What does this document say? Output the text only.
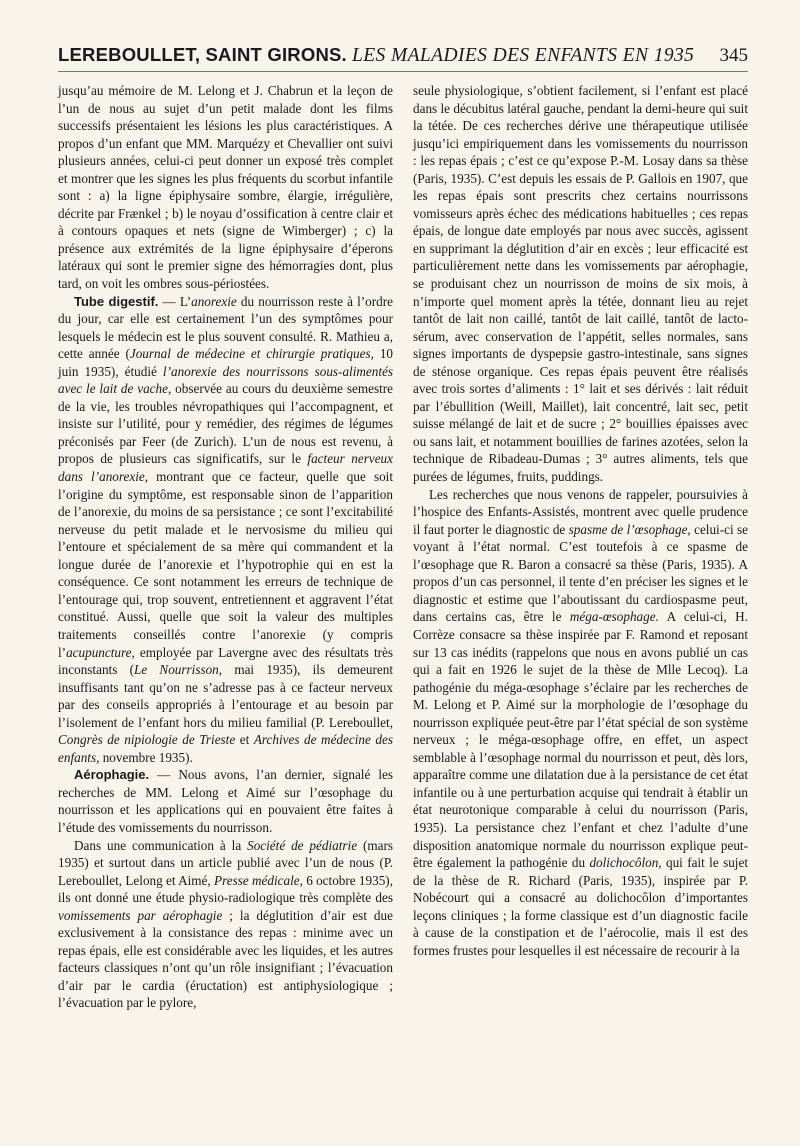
LEREBOULLET, SAINT GIRONS. LES MALADIES DES ENFANTS EN 1935 345

jusqu’au mémoire de M. Lelong et J. Chabrun et la leçon de l’un de nous au sujet d’un petit malade dont les films successifs présentaient les lésions les plus caractéristiques. A propos d’un enfant que MM. Marquézy et Chevallier ont suivi plusieurs années, celui-ci peut donner un exposé très complet et montrer que les signes les plus fréquents du scorbut infantile sont : a) la ligne épiphysaire sombre, élargie, irrégulière, décrite par Frænkel ; b) le noyau d’ossification à centre clair et à contours opaques et nets (signe de Wimberger) ; c) la présence aux extrémités de la ligne épiphysaire d’éperons latéraux qui sont le premier signe des hémorragies dont, plus tard, on voit les ombres sous-périostées.

Tube digestif. — L’anorexie du nourrisson reste à l’ordre du jour, car elle est certainement l’un des symptômes pour lesquels le médecin est le plus souvent consulté. R. Mathieu a, cette année (Journal de médecine et chirurgie pratiques, 10 juin 1935), étudié l’anorexie des nourrissons sous-alimentés avec le lait de vache, observée au cours du deuxième semestre de la vie, les troubles névropathiques qui l’accompagnent, et insiste sur l’utilité, pour y remédier, des régimes de légumes préconisés par Feer (de Zurich). L’un de nous est revenu, à propos de plusieurs cas significatifs, sur le facteur nerveux dans l’anorexie, montrant que ce facteur, quelle que soit l’origine du symptôme, est responsable sinon de l’apparition de l’anorexie, du moins de sa persistance ; ce sont l’excitabilité nerveuse du petit malade et le nervosisme du milieu qui l’entoure et spécialement de sa mère qui commandent et la longue durée de l’anorexie et l’hypotrophie qui en est la conséquence. Ce sont notamment les erreurs de technique de l’entourage qui, trop souvent, entretiennent et aggravent l’état constitué. Aussi, quelle que soit la valeur des multiples traitements conseillés contre l’anorexie (y compris l’acupuncture, employée par Lavergne avec des résultats très inconstants (Le Nourrisson, mai 1935), ils demeurent insuffisants tant qu’on ne s’adresse pas à ce facteur nerveux par des conseils appropriés à l’entourage et au besoin par l’isolement de l’enfant hors du milieu familial (P. Lereboullet, Congrès de nipiologie de Trieste et Archives de médecine des enfants, novembre 1935).

Aérophagie. — Nous avons, l’an dernier, signalé les recherches de MM. Lelong et Aimé sur l’œsophage du nourrisson et les applications qui en pouvaient être faites à l’étude des vomissements du nourrisson.

Dans une communication à la Société de pédiatrie (mars 1935) et surtout dans un article publié avec l’un de nous (P. Lereboullet, Lelong et Aimé, Presse médicale, 6 octobre 1935), ils ont donné une étude physio-radiologique très complète des vomissements par aérophagie ; la déglutition d’air est due exclusivement à la consistance des repas : minime avec un repas épais, elle est considérable avec les liquides, et les autres facteurs classiques n’ont qu’un rôle insignifiant ; l’évacuation d’air par le cardia (éructation) est antiphysiologique ; l’évacuation par le pylore,

seule physiologique, s’obtient facilement, si l’enfant est placé dans le décubitus latéral gauche, pendant la demi-heure qui suit la tétée. De ces recherches dérive une thérapeutique utilisée jusqu’ici empiriquement dans les vomissements du nourrisson : les repas épais ; c’est ce qu’expose P.-M. Losay dans sa thèse (Paris, 1935). C’est depuis les essais de P. Gallois en 1907, que les repas épais sont prescrits chez certains nourrissons vomisseurs après échec des médications habituelles ; ces repas épais, de longue date employés par nous avec succès, agissent en supprimant la déglutition d’air en excès ; leur efficacité est particulièrement nette dans les vomissements par aérophagie, se produisant chez un nourrisson de moins de six mois, à n’importe quel moment après la tétée, donnant lieu au rejet tantôt de lait non caillé, tantôt de lait caillé, tantôt de lacto-sérum, avec conservation de l’appétit, selles normales, sans signes importants de dyspepsie gastro-intestinale, sans signes de sténose organique. Ces repas épais peuvent être réalisés avec trois sortes d’aliments : 1° lait et ses dérivés : lait réduit par l’ébullition (Weill, Maillet), lait concentré, lait sec, petit suisse mélangé de lait et de sucre ; 2° bouillies épaisses avec ou sans lait, et notamment bouillies de farines azotées, selon la technique de Ribadeau-Dumas ; 3° autres aliments, tels que purées de légumes, fruits, puddings.

Les recherches que nous venons de rappeler, poursuivies à l’hospice des Enfants-Assistés, montrent avec quelle prudence il faut porter le diagnostic de spasme de l’œsophage, celui-ci se voyant à l’état normal. C’est toutefois à ce spasme de l’œsophage que R. Baron a consacré sa thèse (Paris, 1935). A propos d’un cas personnel, il tente d’en préciser les signes et le diagnostic et estime que l’aboutissant du cardiospasme peut, dans certains cas, être le méga-œsophage. A celui-ci, H. Corrèze consacre sa thèse inspirée par F. Ramond et reposant sur 13 cas inédits (rappelons que nous en avons publié un cas qui a fait en 1926 le sujet de la thèse de Mlle Lecoq). La pathogénie du méga-œsophage s’éclaire par les recherches de M. Lelong et P. Aimé sur la morphologie de l’œsophage du nourrisson expliquée peut-être par l’état spécial de son système nerveux ; le méga-œsophage offre, en effet, un aspect semblable à l’œsophage normal du nourrisson et peut, dès lors, apparaître comme une dilatation due à la persistance de cet état infantile ou à une perturbation acquise qui tendrait à établir un état neurotonique comparable à celui du nourrisson (Paris, 1935). La persistance chez l’enfant et chez l’adulte d’une disposition anatomique normale du nourrisson explique peut-être également la pathogénie du dolichocôlon, qui fait le sujet de la thèse de R. Richard (Paris, 1935), inspirée par P. Nobécourt qui a consacré au dolichocôlon d’importantes leçons cliniques ; la forme classique est d’un diagnostic facile à cause de la constipation et de l’aérocolie, mais il est des formes frustes pour lesquelles il est nécessaire de recourir à la
